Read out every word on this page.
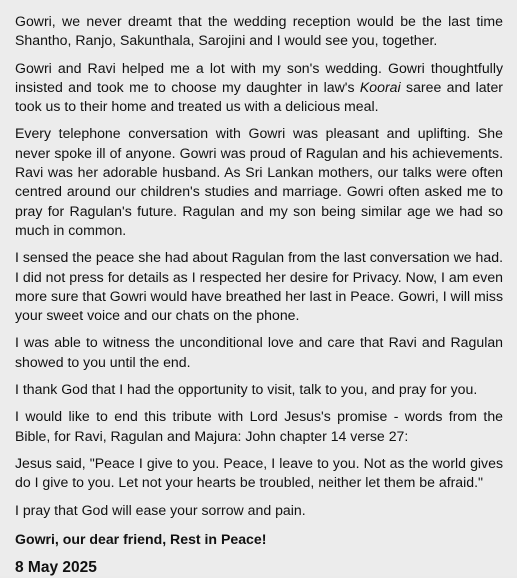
Gowri, we never dreamt that the wedding reception would be the last time Shantho, Ranjo, Sakunthala, Sarojini and I would see you, together.

Gowri and Ravi helped me a lot with my son's wedding. Gowri thoughtfully insisted and took me to choose my daughter in law's Koorai saree and later took us to their home and treated us with a delicious meal.

Every telephone conversation with Gowri was pleasant and uplifting. She never spoke ill of anyone. Gowri was proud of Ragulan and his achievements. Ravi was her adorable husband. As Sri Lankan mothers, our talks were often centred around our children's studies and marriage. Gowri often asked me to pray for Ragulan's future. Ragulan and my son being similar age we had so much in common.

I sensed the peace she had about Ragulan from the last conversation we had. I did not press for details as I respected her desire for Privacy. Now, I am even more sure that Gowri would have breathed her last in Peace. Gowri, I will miss your sweet voice and our chats on the phone.

I was able to witness the unconditional love and care that Ravi and Ragulan showed to you until the end.

I thank God that I had the opportunity to visit, talk to you, and pray for you.

I would like to end this tribute with Lord Jesus's promise - words from the Bible, for Ravi, Ragulan and Majura: John chapter 14 verse 27:

Jesus said, "Peace I give to you. Peace, I leave to you. Not as the world gives do I give to you. Let not your hearts be troubled, neither let them be afraid."

I pray that God will ease your sorrow and pain.

Gowri, our dear friend, Rest in Peace!

8 May 2025
